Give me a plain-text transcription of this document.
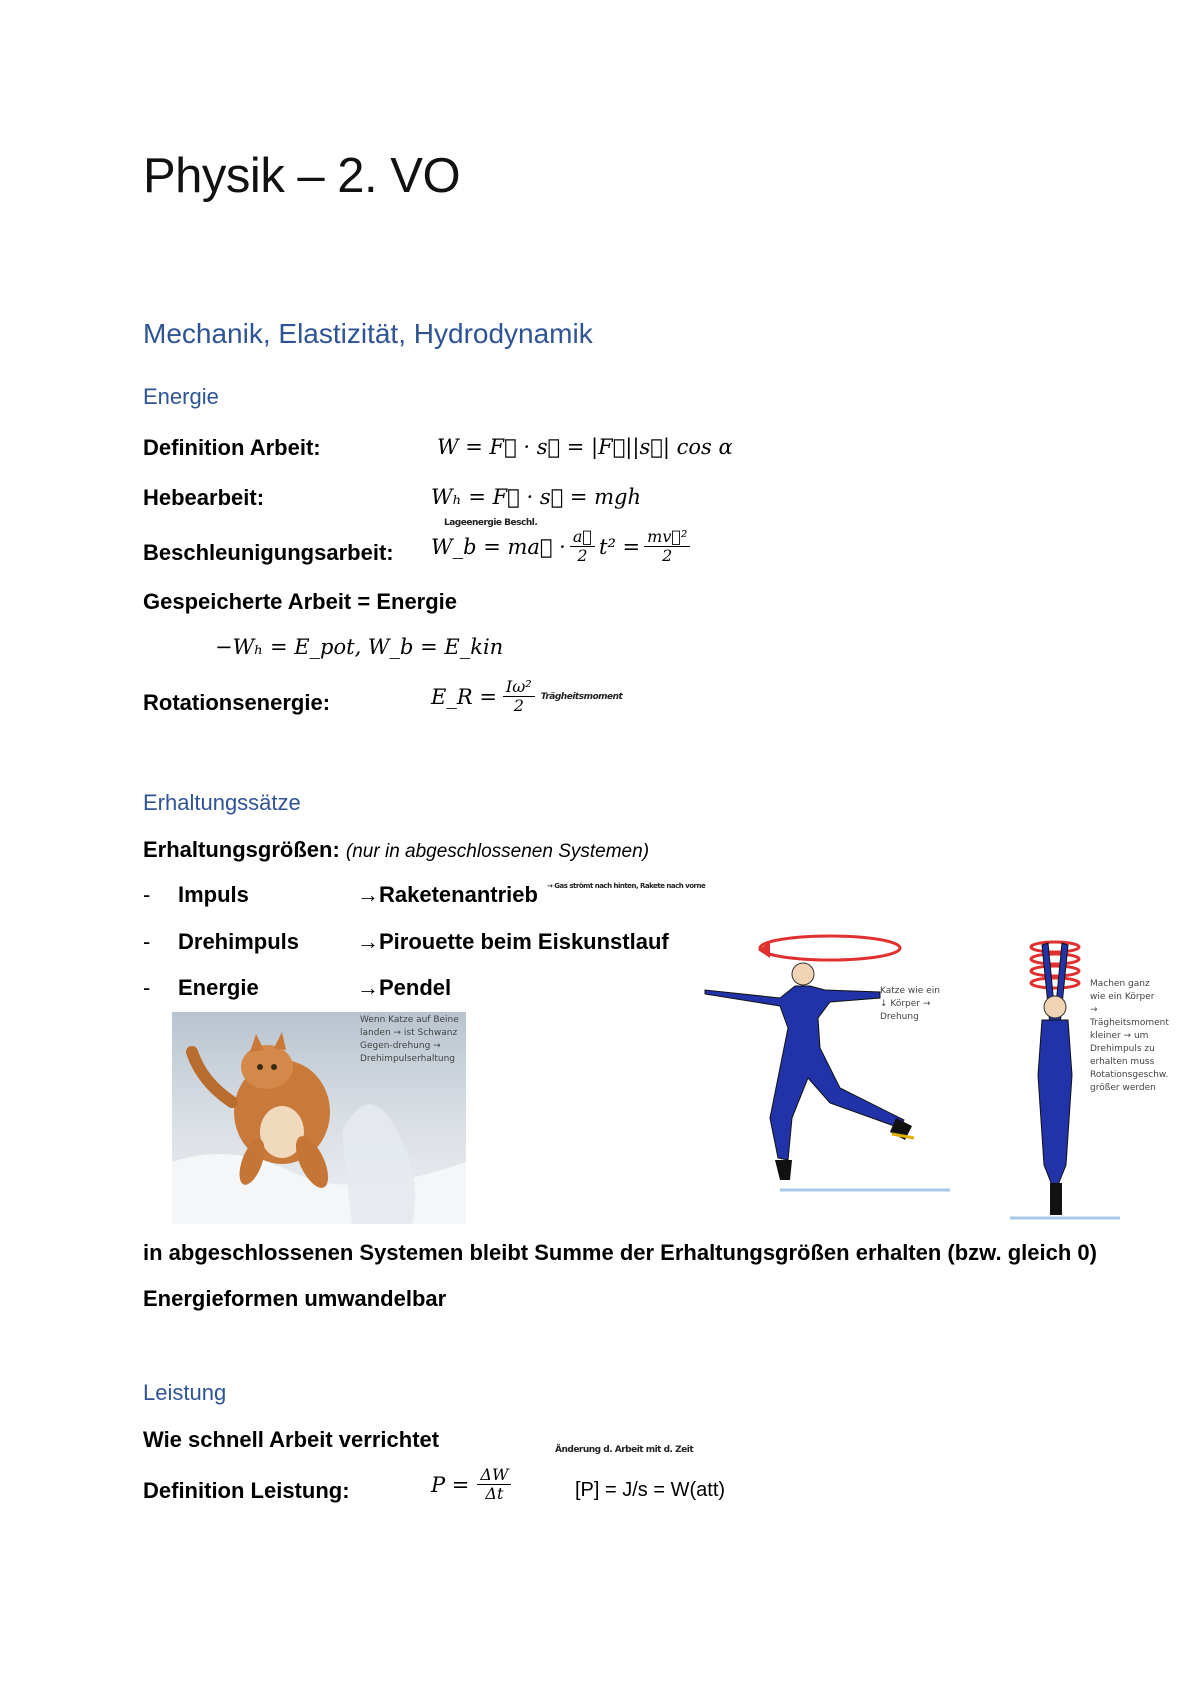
Physik – 2. VO
Mechanik, Elastizität, Hydrodynamik
Energie
Definition Arbeit:	W = F⃗ · s⃗ = |F⃗||s⃗| cos α
Hebearbeit:	Wₕ = F⃗ · s⃗ = mgh
Lageenergie Beschl.
Beschleunigungsarbeit: W_b = ma⃗ · $\frac{a⃗}{2} t^2 = \frac{\text{mv⃗²}}{2}$
Gespeicherte Arbeit = Energie
−Wₕ = E_pot, W_b = E_kin
Rotationsenergie:	E_R = $\frac{\text{Iω²}}{2}$ Trägheitsmoment
Erhaltungssätze
Erhaltungsgrößen: (nur in abgeschlossenen Systemen)
- Impuls	→Raketenantrieb → Gas strömt nach hinten, Rakete nach vorne
- Drehimpuls	→Pirouette beim Eiskunstlauf
- Energie	→Pendel
Wenn Katze auf Beine landen → ist Schwanz Gegen-drehung → Drehimpulserhaltung
Katze wie ein ↓ Körper → Drehung
Machen ganz wie ein Körper → Trägheitsmoment kleiner → um Drehimpuls zu erhalten muss Rotationsgeschw. größer werden
in abgeschlossenen Systemen bleibt Summe der Erhaltungsgrößen erhalten (bzw. gleich 0)
Energieformen umwandelbar
Leistung
Wie schnell Arbeit verrichtet	Änderung d. Arbeit mit d. Zeit
Definition Leistung:	$P = \frac{\Delta W}{\Delta t}$	[P] = J/s = W(att)
